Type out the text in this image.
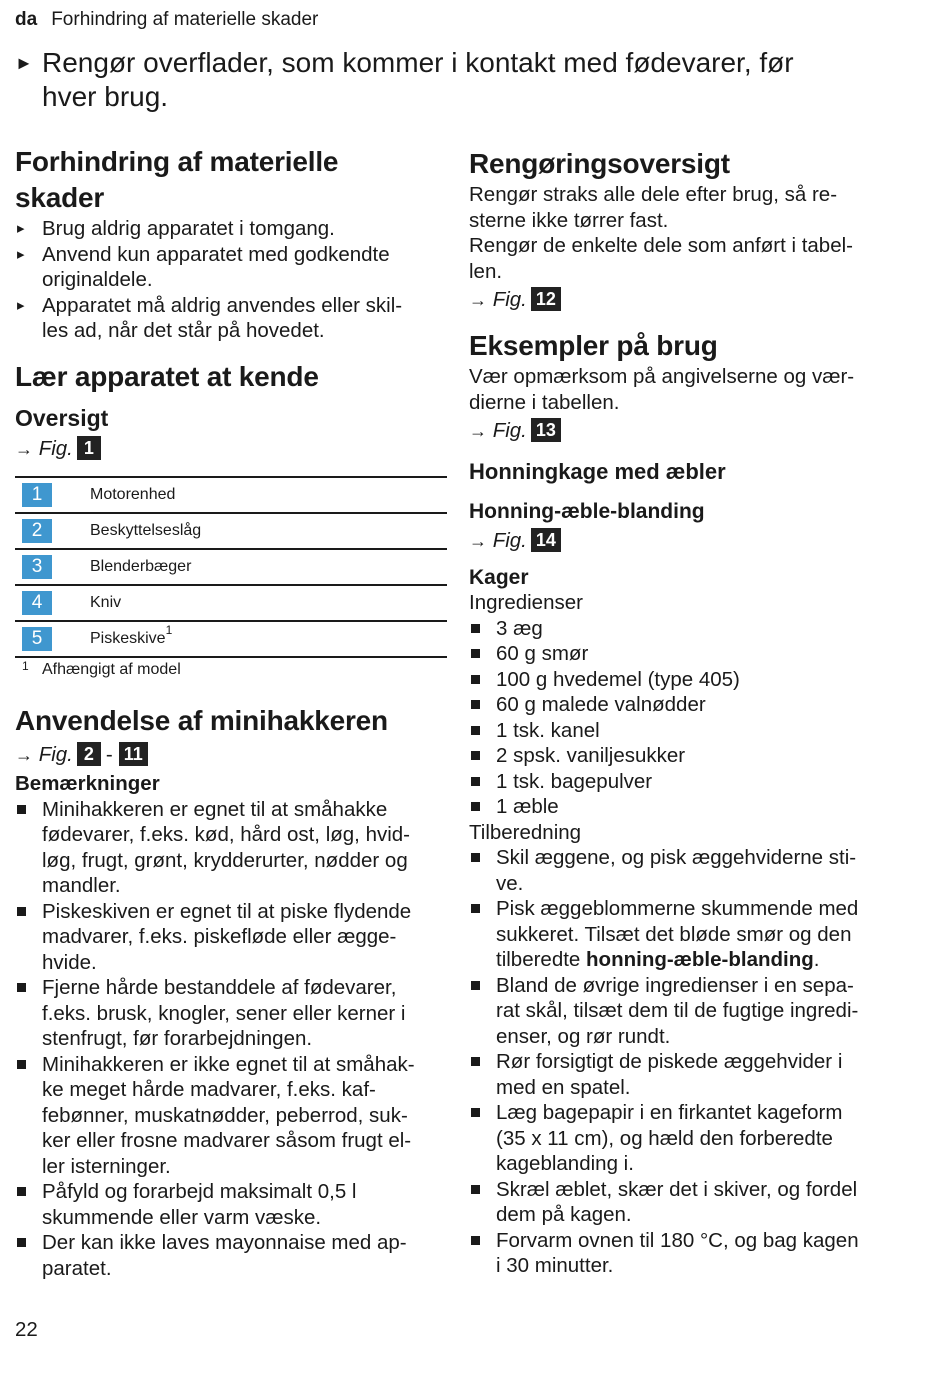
da Forhindring af materielle skader
► Rengør overflader, som kommer i kontakt med fødevarer, før
hver brug.
Forhindring af materielle
skader
▸ Brug aldrig apparatet i tomgang.
▸ Anvend kun apparatet med godkendte
originaldele.
▸ Apparatet må aldrig anvendes eller skil-
les ad, når det står på hovedet.
Lær apparatet at kende
Oversigt
→ Fig. 1
1	Motorenhed
2	Beskyttelseslåg
3	Blenderbæger
4	Kniv
5	Piskeskive$^1$
1 Afhængigt af model
Anvendelse af minihakkeren
→ Fig. 2 - 11
Bemærkninger
Minihakkeren er egnet til at småhakke
fødevarer, f.eks. kød, hård ost, løg, hvid-
løg, frugt, grønt, krydderurter, nødder og
mandler.
Piskeskiven er egnet til at piske flydende
madvarer, f.eks. piskefløde eller ægge-
hvide.
Fjerne hårde bestanddele af fødevarer,
f.eks. brusk, knogler, sener eller kerner i
stenfrugt, før forarbejdningen.
Minihakkeren er ikke egnet til at småhak-
ke meget hårde madvarer, f.eks. kaf-
febønner, muskatnødder, peberrod, suk-
ker eller frosne madvarer såsom frugt el-
ler isterninger.
Påfyld og forarbejd maksimalt 0,5 l
skummende eller varm væske.
Der kan ikke laves mayonnaise med ap-
paratet.
Rengøringsoversigt

Rengør straks alle dele efter brug, så re-
sterne ikke tørrer fast.
Rengør de enkelte dele som anført i tabel-
len.

→ Fig. 12
Eksempler på brug

Vær opmærksom på angivelserne og vær-
dierne i tabellen.

→ Fig. 13
Honningkage med æbler
Honning-æble-blanding
→ Fig. 14
Kager

Ingredienser

3 æg
60 g smør
100 g hvedemel (type 405)
60 g malede valnødder
1 tsk. kanel
2 spsk. vaniljesukker
1 tsk. bagepulver
1 æble

Tilberedning

Skil æggene, og pisk æggehviderne sti-
ve.
Pisk æggeblommerne skummende med
sukkeret. Tilsæt det bløde smør og den
tilberedte honning-æble-blanding.
Bland de øvrige ingredienser i en sepa-
rat skål, tilsæt dem til de fugtige ingredi-
enser, og rør rundt.
Rør forsigtigt de piskede æggehvider i
med en spatel.
Læg bagepapir i en firkantet kageform
(35 x 11 cm), og hæld den forberedte
kageblanding i.
Skræl æblet, skær det i skiver, og fordel
dem på kagen.
Forvarm ovnen til 180 °C, og bag kagen
i 30 minutter.
22
